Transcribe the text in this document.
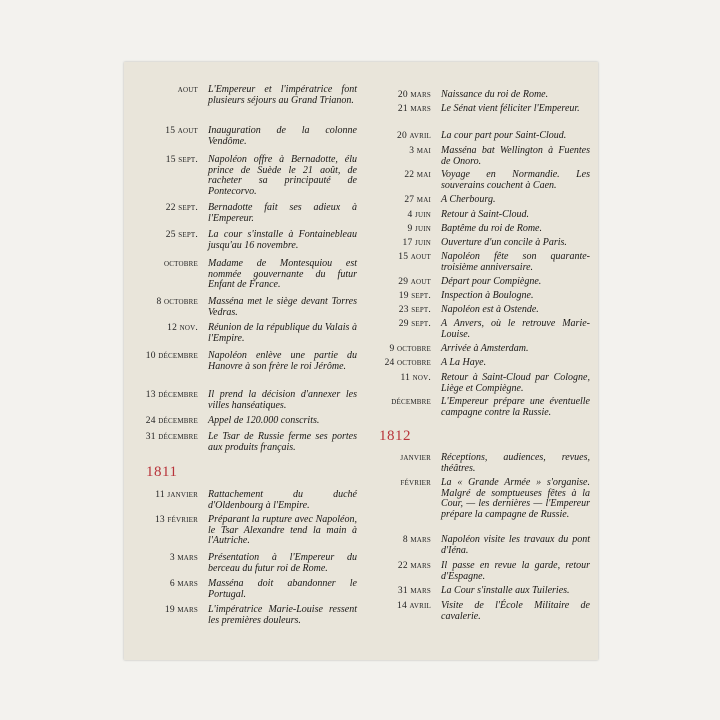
aout	L'Empereur et l'impératrice font plusieurs séjours au Grand Trianon.
15 aout	Inauguration de la colonne Vendôme.
15 sept.	Napoléon offre à Bernadotte, élu prince de Suède le 21 août, de racheter sa principauté de Pontecorvo.
22 sept.	Bernadotte fait ses adieux à l'Empereur.
25 sept.	La cour s'installe à Fontainebleau jusqu'au 16 novembre.
octobre	Madame de Montesquiou est nommée gouvernante du futur Enfant de France.
8 octobre	Masséna met le siège devant Torres Vedras.
12 nov.	Réunion de la république du Valais à l'Empire.
10 décembre	Napoléon enlève une partie du Hanovre à son frère le roi Jérôme.
13 décembre	Il prend la décision d'annexer les villes hanséatiques.
24 décembre	Appel de 120.000 conscrits.
31 décembre	Le Tsar de Russie ferme ses portes aux produits français.
1811
11 janvier	Rattachement du duché d'Oldenbourg à l'Empire.
13 février	Préparant la rupture avec Napoléon, le Tsar Alexandre tend la main à l'Autriche.
3 mars	Présentation à l'Empereur du berceau du futur roi de Rome.
6 mars	Masséna doit abandonner le Portugal.
19 mars	L'impératrice Marie-Louise ressent les premières douleurs.
20 mars	Naissance du roi de Rome.
21 mars	Le Sénat vient féliciter l'Empereur.
20 avril	La cour part pour Saint-Cloud.
3 mai	Masséna bat Wellington à Fuentes de Onoro.
22 mai	Voyage en Normandie. Les souverains couchent à Caen.
27 mai	A Cherbourg.
4 juin	Retour à Saint-Cloud.
9 juin	Baptême du roi de Rome.
17 juin	Ouverture d'un concile à Paris.
15 aout	Napoléon fête son quarante-troisième anniversaire.
29 aout	Départ pour Compiègne.
19 sept.	Inspection à Boulogne.
23 sept.	Napoléon est à Ostende.
29 sept.	A Anvers, où le retrouve Marie-Louise.
9 octobre	Arrivée à Amsterdam.
24 octobre	A La Haye.
11 nov.	Retour à Saint-Cloud par Cologne, Liège et Compiègne.
décembre	L'Empereur prépare une éventuelle campagne contre la Russie.
janvier	Réceptions, audiences, revues, théâtres.
février	La « Grande Armée » s'organise. Malgré de somptueuses fêtes à la Cour, — les dernières — l'Empereur prépare la campagne de Russie.
8 mars	Napoléon visite les travaux du pont d'Iéna.
22 mars	Il passe en revue la garde, retour d'Espagne.
31 mars	La Cour s'installe aux Tuileries.
14 avril	Visite de l'École Militaire de cavalerie.
1812
